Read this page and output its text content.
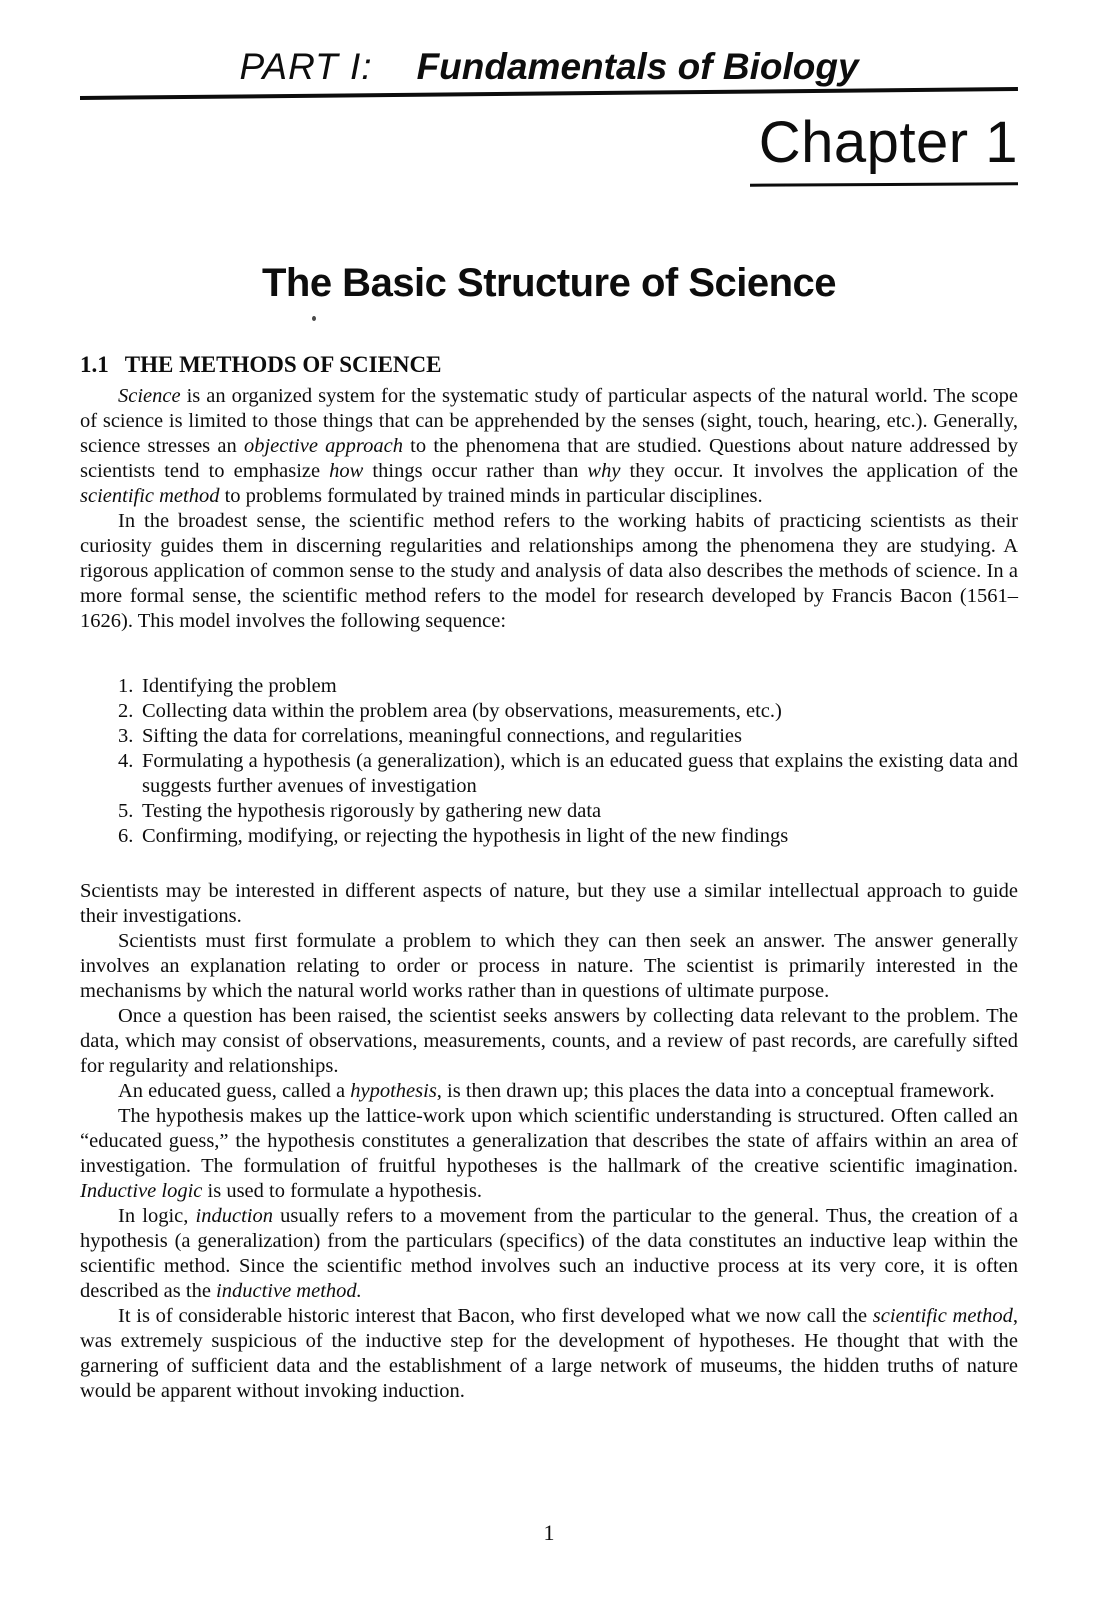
PART I: Fundamentals of Biology
Chapter 1
The Basic Structure of Science
1.1 THE METHODS OF SCIENCE

Science is an organized system for the systematic study of particular aspects of the natural world. The scope of science is limited to those things that can be apprehended by the senses (sight, touch, hearing, etc.). Generally, science stresses an objective approach to the phenomena that are studied. Questions about nature addressed by scientists tend to emphasize how things occur rather than why they occur. It involves the application of the scientific method to problems formulated by trained minds in particular disciplines.

In the broadest sense, the scientific method refers to the working habits of practicing scientists as their curiosity guides them in discerning regularities and relationships among the phenomena they are studying. A rigorous application of common sense to the study and analysis of data also describes the methods of science. In a more formal sense, the scientific method refers to the model for research developed by Francis Bacon (1561–1626). This model involves the following sequence:

1. Identifying the problem
2. Collecting data within the problem area (by observations, measurements, etc.)
3. Sifting the data for correlations, meaningful connections, and regularities
4. Formulating a hypothesis (a generalization), which is an educated guess that explains the existing data and suggests further avenues of investigation
5. Testing the hypothesis rigorously by gathering new data
6. Confirming, modifying, or rejecting the hypothesis in light of the new findings

Scientists may be interested in different aspects of nature, but they use a similar intellectual approach to guide their investigations.

Scientists must first formulate a problem to which they can then seek an answer. The answer generally involves an explanation relating to order or process in nature. The scientist is primarily interested in the mechanisms by which the natural world works rather than in questions of ultimate purpose.

Once a question has been raised, the scientist seeks answers by collecting data relevant to the problem. The data, which may consist of observations, measurements, counts, and a review of past records, are carefully sifted for regularity and relationships.

An educated guess, called a hypothesis, is then drawn up; this places the data into a conceptual framework.

The hypothesis makes up the lattice-work upon which scientific understanding is structured. Often called an “educated guess,” the hypothesis constitutes a generalization that describes the state of affairs within an area of investigation. The formulation of fruitful hypotheses is the hallmark of the creative scientific imagination. Inductive logic is used to formulate a hypothesis.

In logic, induction usually refers to a movement from the particular to the general. Thus, the creation of a hypothesis (a generalization) from the particulars (specifics) of the data constitutes an inductive leap within the scientific method. Since the scientific method involves such an inductive process at its very core, it is often described as the inductive method.

It is of considerable historic interest that Bacon, who first developed what we now call the scientific method, was extremely suspicious of the inductive step for the development of hypotheses. He thought that with the garnering of sufficient data and the establishment of a large network of museums, the hidden truths of nature would be apparent without invoking induction.

1
